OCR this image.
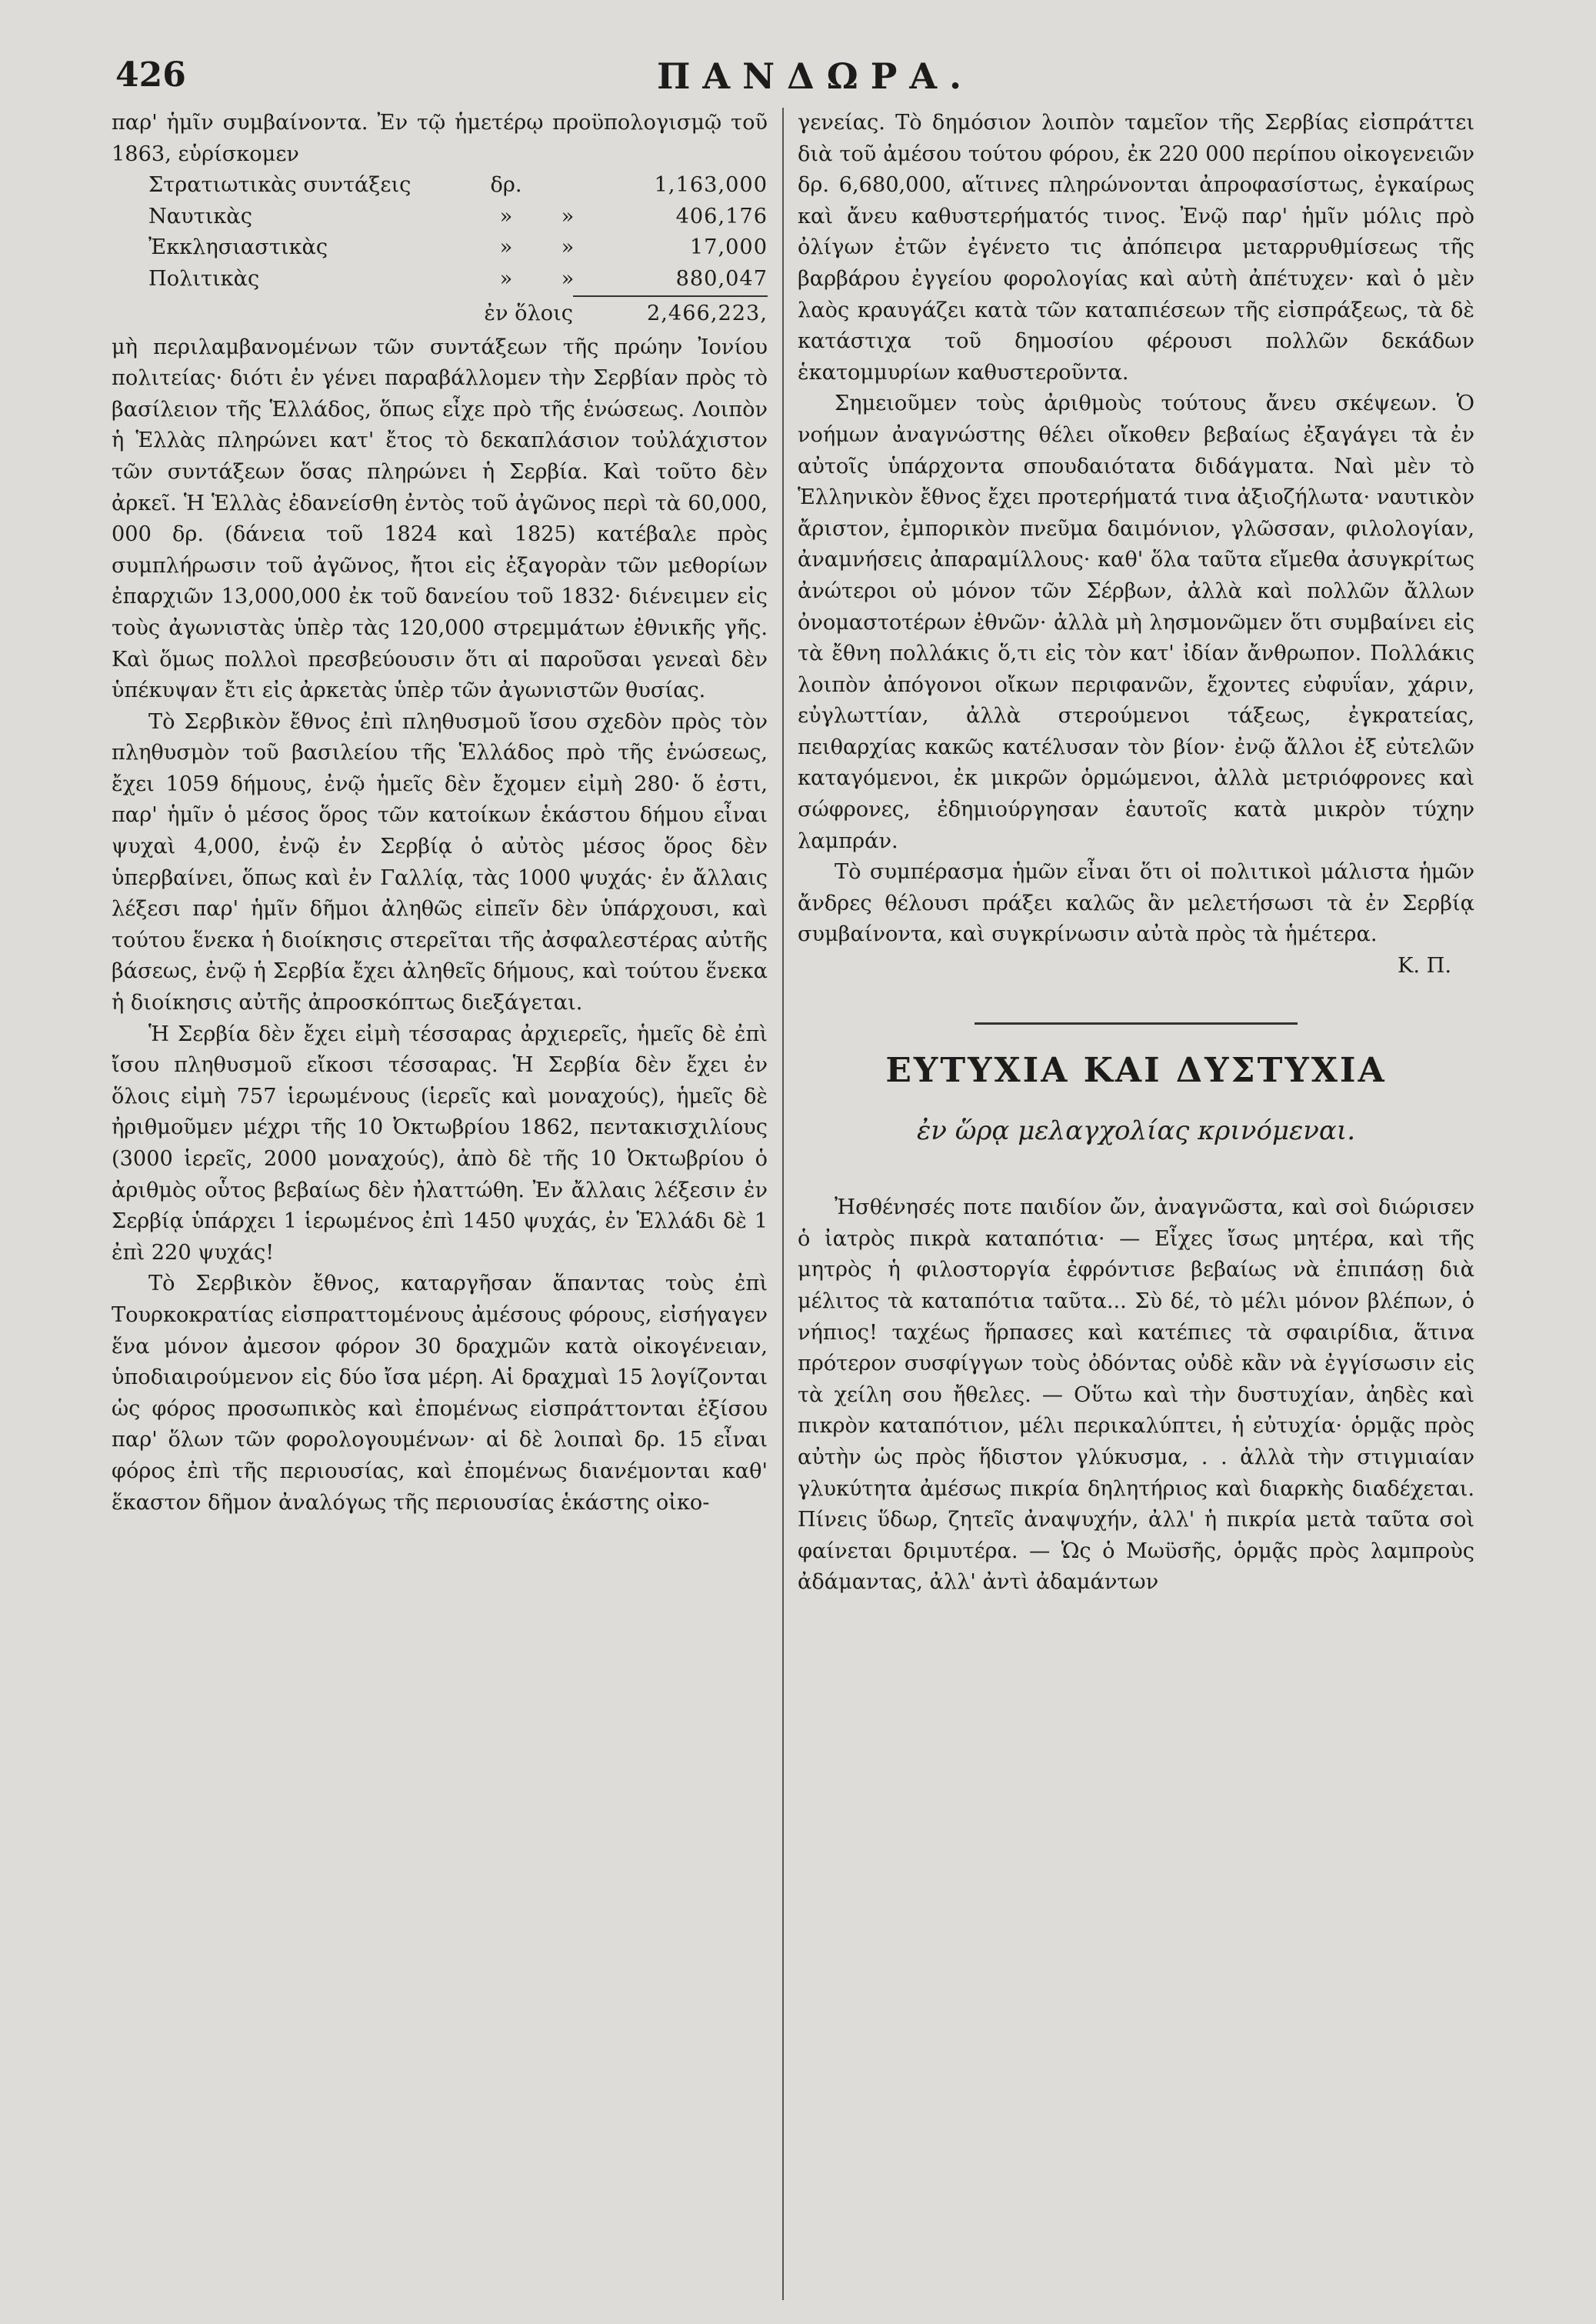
426	ΠΑΝΔΩΡΑ.

παρ' ἡμῖν συμβαίνοντα. Ἐν τῷ ἡμετέρῳ προϋπολογισμῷ τοῦ 1863, εὑρίσκομεν

Στρατιωτικὰς συντάξεις	δρ.	1,163,000
Ναυτικὰς	»	»	406,176
Ἐκκλησιαστικὰς	»	»	17,000
Πολιτικὰς	»	»	880,047
ἐν ὅλοις	2,466,223,

μὴ περιλαμβανομένων τῶν συντάξεων τῆς πρώην Ἰονίου πολιτείας· διότι ἐν γένει παραβάλλομεν τὴν Σερβίαν πρὸς τὸ βασίλειον τῆς Ἑλλάδος, ὅπως εἶχε πρὸ τῆς ἑνώσεως. Λοιπὸν ἡ Ἑλλὰς πληρώνει κατ' ἔτος τὸ δεκαπλάσιον τοὐλάχιστον τῶν συντάξεων ὅσας πληρώνει ἡ Σερβία. Καὶ τοῦτο δὲν ἀρκεῖ. Ἡ Ἑλλὰς ἐδανείσθη ἐντὸς τοῦ ἀγῶνος περὶ τὰ 60,000, 000 δρ. (δάνεια τοῦ 1824 καὶ 1825) κατέβαλε πρὸς συμπλήρωσιν τοῦ ἀγῶνος, ἤτοι εἰς ἐξαγορὰν τῶν μεθορίων ἐπαρχιῶν 13,000,000 ἐκ τοῦ δανείου τοῦ 1832· διένειμεν εἰς τοὺς ἀγωνιστὰς ὑπὲρ τὰς 120,000 στρεμμάτων ἐθνικῆς γῆς. Καὶ ὅμως πολλοὶ πρεσβεύουσιν ὅτι αἱ παροῦσαι γενεαὶ δὲν ὑπέκυψαν ἔτι εἰς ἀρκετὰς ὑπὲρ τῶν ἀγωνιστῶν θυσίας.

Τὸ Σερβικὸν ἔθνος ἐπὶ πληθυσμοῦ ἴσου σχεδὸν πρὸς τὸν πληθυσμὸν τοῦ βασιλείου τῆς Ἑλλάδος πρὸ τῆς ἑνώσεως, ἔχει 1059 δήμους, ἐνῷ ἡμεῖς δὲν ἔχομεν εἰμὴ 280· ὅ ἐστι, παρ' ἡμῖν ὁ μέσος ὅρος τῶν κατοίκων ἑκάστου δήμου εἶναι ψυχαὶ 4,000, ἐνῷ ἐν Σερβίᾳ ὁ αὐτὸς μέσος ὅρος δὲν ὑπερβαίνει, ὅπως καὶ ἐν Γαλλίᾳ, τὰς 1000 ψυχάς· ἐν ἄλλαις λέξεσι παρ' ἡμῖν δῆμοι ἀληθῶς εἰπεῖν δὲν ὑπάρχουσι, καὶ τούτου ἕνεκα ἡ διοίκησις στερεῖται τῆς ἀσφαλεστέρας αὐτῆς βάσεως, ἐνῷ ἡ Σερβία ἔχει ἀληθεῖς δήμους, καὶ τούτου ἕνεκα ἡ διοίκησις αὐτῆς ἀπροσκόπτως διεξάγεται.

Ἡ Σερβία δὲν ἔχει εἰμὴ τέσσαρας ἀρχιερεῖς, ἡμεῖς δὲ ἐπὶ ἴσου πληθυσμοῦ εἴκοσι τέσσαρας. Ἡ Σερβία δὲν ἔχει ἐν ὅλοις εἰμὴ 757 ἱερωμένους (ἱερεῖς καὶ μοναχούς), ἡμεῖς δὲ ἠριθμοῦμεν μέχρι τῆς 10 Ὀκτωβρίου 1862, πεντακισχιλίους (3000 ἱερεῖς, 2000 μοναχούς), ἀπὸ δὲ τῆς 10 Ὀκτωβρίου ὁ ἀριθμὸς οὗτος βεβαίως δὲν ἠλαττώθη. Ἐν ἄλλαις λέξεσιν ἐν Σερβίᾳ ὑπάρχει 1 ἱερωμένος ἐπὶ 1450 ψυχάς, ἐν Ἑλλάδι δὲ 1 ἐπὶ 220 ψυχάς!

Τὸ Σερβικὸν ἔθνος, καταργῆσαν ἅπαντας τοὺς ἐπὶ Τουρκοκρατίας εἰσπραττομένους ἀμέσους φόρους, εἰσήγαγεν ἕνα μόνον ἀμεσον φόρον 30 δραχμῶν κατὰ οἰκογένειαν, ὑποδιαιρούμενον εἰς δύο ἴσα μέρη. Αἱ δραχμαὶ 15 λογίζονται ὡς φόρος προσωπικὸς καὶ ἐπομένως εἰσπράττονται ἐξίσου παρ' ὅλων τῶν φορολογουμένων· αἱ δὲ λοιπαὶ δρ. 15 εἶναι φόρος ἐπὶ τῆς περιουσίας, καὶ ἐπομένως διανέμονται καθ' ἕκαστον δῆμον ἀναλόγως τῆς περιουσίας ἑκάστης οἰκο-

γενείας. Τὸ δημόσιον λοιπὸν ταμεῖον τῆς Σερβίας εἰσπράττει διὰ τοῦ ἀμέσου τούτου φόρου, ἐκ 220 000 περίπου οἰκογενειῶν δρ. 6,680,000, αἵτινες πληρώνονται ἀπροφασίστως, ἐγκαίρως καὶ ἄνευ καθυστερήματός τινος. Ἐνῷ παρ' ἡμῖν μόλις πρὸ ὀλίγων ἐτῶν ἐγένετο τις ἀπόπειρα μεταρρυθμίσεως τῆς βαρβάρου ἐγγείου φορολογίας καὶ αὐτὴ ἀπέτυχεν· καὶ ὁ μὲν λαὸς κραυγάζει κατὰ τῶν καταπιέσεων τῆς εἰσπράξεως, τὰ δὲ κατάστιχα τοῦ δημοσίου φέρουσι πολλῶν δεκάδων ἑκατομμυρίων καθυστεροῦντα.

Σημειοῦμεν τοὺς ἀριθμοὺς τούτους ἄνευ σκέψεων. Ὁ νοήμων ἀναγνώστης θέλει οἴκοθεν βεβαίως ἐξαγάγει τὰ ἐν αὐτοῖς ὑπάρχοντα σπουδαιότατα διδάγματα. Ναὶ μὲν τὸ Ἑλληνικὸν ἔθνος ἔχει προτερήματά τινα ἀξιοζήλωτα· ναυτικὸν ἄριστον, ἐμπορικὸν πνεῦμα δαιμόνιον, γλῶσσαν, φιλολογίαν, ἀναμνήσεις ἀπαραμίλλους· καθ' ὅλα ταῦτα εἴμεθα ἀσυγκρίτως ἀνώτεροι οὐ μόνον τῶν Σέρβων, ἀλλὰ καὶ πολλῶν ἄλλων ὀνομαστοτέρων ἐθνῶν· ἀλλὰ μὴ λησμονῶμεν ὅτι συμβαίνει εἰς τὰ ἔθνη πολλάκις ὅ,τι εἰς τὸν κατ' ἰδίαν ἄνθρωπον. Πολλάκις λοιπὸν ἀπόγονοι οἴκων περιφανῶν, ἔχοντες εὐφυΐαν, χάριν, εὐγλωττίαν, ἀλλὰ στερούμενοι τάξεως, ἐγκρατείας, πειθαρχίας κακῶς κατέλυσαν τὸν βίον· ἐνῷ ἄλλοι ἐξ εὐτελῶν καταγόμενοι, ἐκ μικρῶν ὁρμώμενοι, ἀλλὰ μετριόφρονες καὶ σώφρονες, ἐδημιούργησαν ἑαυτοῖς κατὰ μικρὸν τύχην λαμπράν.

Τὸ συμπέρασμα ἡμῶν εἶναι ὅτι οἱ πολιτικοὶ μάλιστα ἡμῶν ἄνδρες θέλουσι πράξει καλῶς ἂν μελετήσωσι τὰ ἐν Σερβίᾳ συμβαίνοντα, καὶ συγκρίνωσιν αὐτὰ πρὸς τὰ ἡμέτερα.

Κ. Π.
ΕΥΤΥΧΙΑ ΚΑΙ ΔΥΣΤΥΧΙΑ
ἐν ὥρᾳ μελαγχολίας κρινόμεναι.

Ἠσθένησές ποτε παιδίον ὤν, ἀναγνῶστα, καὶ σοὶ διώρισεν ὁ ἰατρὸς πικρὰ καταπότια· — Εἶχες ἴσως μητέρα, καὶ τῆς μητρὸς ἡ φιλοστοργία ἐφρόντισε βεβαίως νὰ ἐπιπάσῃ διὰ μέλιτος τὰ καταπότια ταῦτα... Σὺ δέ, τὸ μέλι μόνον βλέπων, ὁ νήπιος! ταχέως ἥρπασες καὶ κατέπιες τὰ σφαιρίδια, ἅτινα πρότερον συσφίγγων τοὺς ὀδόντας οὐδὲ κἂν νὰ ἐγγίσωσιν εἰς τὰ χείλη σου ἤθελες. — Οὕτω καὶ τὴν δυστυχίαν, ἀηδὲς καὶ πικρὸν καταπότιον, μέλι περικαλύπτει, ἡ εὐτυχία· ὁρμᾷς πρὸς αὐτὴν ὡς πρὸς ἥδιστον γλύκυσμα, . . ἀλλὰ τὴν στιγμιαίαν γλυκύτητα ἀμέσως πικρία δηλητήριος καὶ διαρκὴς διαδέχεται. Πίνεις ὕδωρ, ζητεῖς ἀναψυχήν, ἀλλ' ἡ πικρία μετὰ ταῦτα σοὶ φαίνεται δριμυτέρα. — Ὡς ὁ Μωϋσῆς, ὁρμᾷς πρὸς λαμπροὺς ἀδάμαντας, ἀλλ' ἀντὶ ἀδαμάντων
